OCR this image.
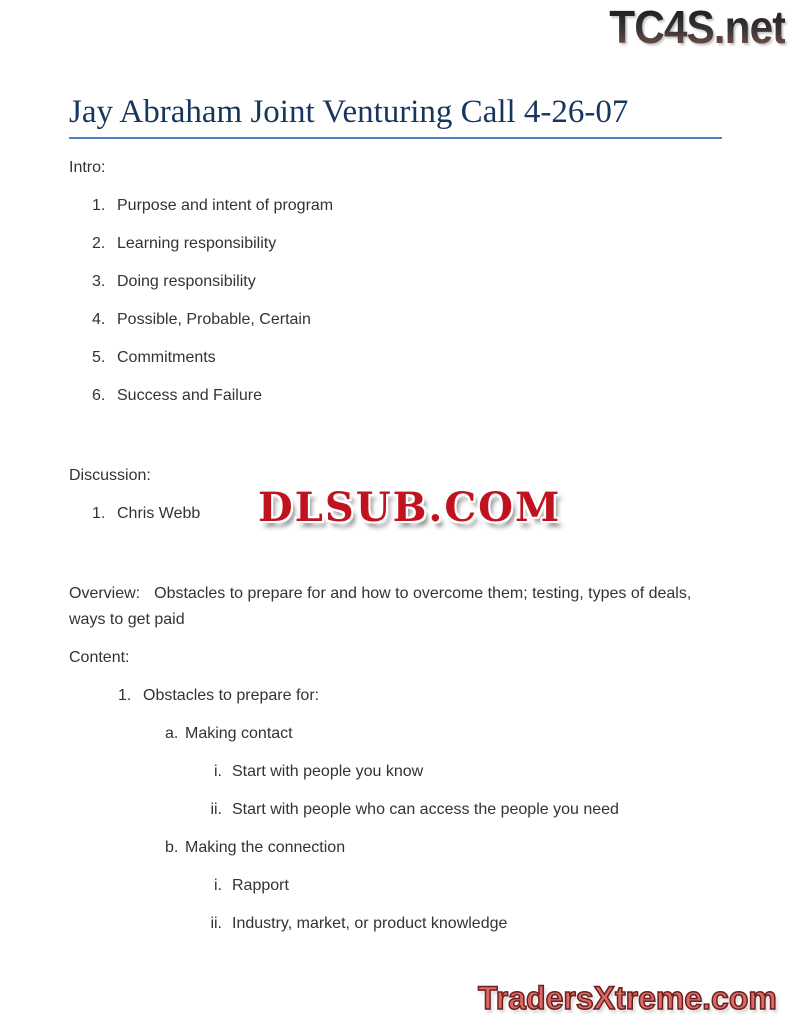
TC4S.net
Jay Abraham Joint Venturing Call 4-26-07

Intro:

1. Purpose and intent of program
2. Learning responsibility
3. Doing responsibility
4. Possible, Probable, Certain
5. Commitments
6. Success and Failure

Discussion:

1. Chris Webb

Overview: Obstacles to prepare for and how to overcome them; testing, types of deals, ways to get paid

Content:

1. Obstacles to prepare for:
a. Making contact
i. Start with people you know
ii. Start with people who can access the people you need
b. Making the connection
i. Rapport
ii. Industry, market, or product knowledge
DLSUB.COM
TradersXtreme.com
